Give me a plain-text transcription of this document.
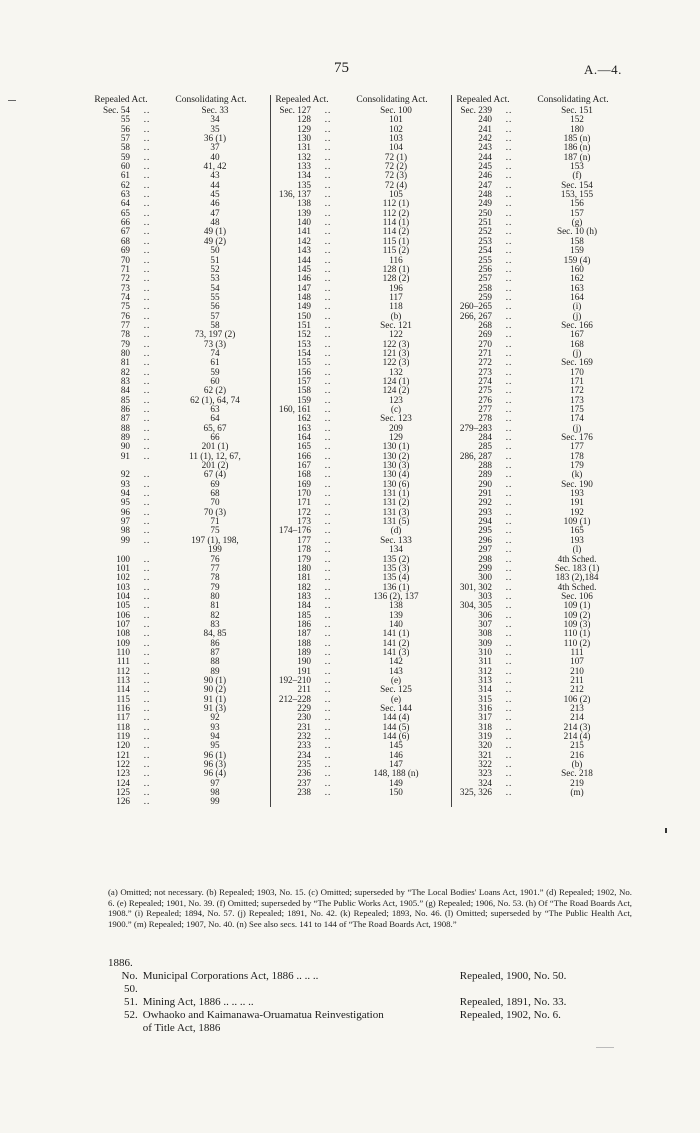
75	A.—4.
Repealed Act.	Consolidating Act.	Repealed Act.	Consolidating Act.	Repealed Act.	Consolidating Act.
Sec. 54	..	Sec. 33
55	..	34
56	..	35
57	..	36 (1)
58	..	37
59	..	40
60	..	41, 42
61	..	43
62	..	44
63	..	45
64	..	46
65	..	47
66	..	48
67	..	49 (1)
68	..	49 (2)
69	..	50
70	..	51
71	..	52
72	..	53
73	..	54
74	..	55
75	..	56
76	..	57
77	..	58
78	..	73, 197 (2)
79	..	73 (3)
80	..	74
81	..	61
82	..	59
83	..	60
84	..	62 (2)
85	..	62 (1), 64, 74
86	..	63
87	..	64
88	..	65, 67
89	..	66
90	..	201 (1)
91	..	11 (1), 12, 67,
201 (2)
92	..	67 (4)
93	..	69
94	..	68
95	..	70
96	..	70 (3)
97	..	71
98	..	75
99	..	197 (1), 198,
199
100	..	76
101	..	77
102	..	78
103	..	79
104	..	80
105	..	81
106	..	82
107	..	83
108	..	84, 85
109	..	86
110	..	87
111	..	88
112	..	89
113	..	90 (1)
114	..	90 (2)
115	..	91 (1)
116	..	91 (3)
117	..	92
118	..	93
119	..	94
120	..	95
121	..	96 (1)
122	..	96 (3)
123	..	96 (4)
124	..	97
125	..	98
126	..	99
Sec. 127	..	Sec. 100
128	..	101
129	..	102
130	..	103
131	..	104
132	..	72 (1)
133	..	72 (2)
134	..	72 (3)
135	..	72 (4)
136, 137	..	105
138	..	112 (1)
139	..	112 (2)
140	..	114 (1)
141	..	114 (2)
142	..	115 (1)
143	..	115 (2)
144	..	116
145	..	128 (1)
146	..	128 (2)
147	..	196
148	..	117
149	..	118
150	..	(b)
151	..	Sec. 121
152	..	122
153	..	122 (3)
154	..	121 (3)
155	..	122 (3)
156	..	132
157	..	124 (1)
158	..	124 (2)
159	..	123
160, 161	..	(c)
162	..	Sec. 123
163	..	209
164	..	129
165	..	130 (1)
166	..	130 (2)
167	..	130 (3)
168	..	130 (4)
169	..	130 (6)
170	..	131 (1)
171	..	131 (2)
172	..	131 (3)
173	..	131 (5)
174–176	..	(d)
177	..	Sec. 133
178	..	134
179	..	135 (2)
180	..	135 (3)
181	..	135 (4)
182	..	136 (1)
183	..	136 (2), 137
184	..	138
185	..	139
186	..	140
187	..	141 (1)
188	..	141 (2)
189	..	141 (3)
190	..	142
191	..	143
192–210	..	(e)
211	..	Sec. 125
212–228	..	(e)
229	..	Sec. 144
230	..	144 (4)
231	..	144 (5)
232	..	144 (6)
233	..	145
234	..	146
235	..	147
236	..	148, 188 (n)
237	..	149
238	..	150
Sec. 239	..	Sec. 151
240	..	152
241	..	180
242	..	185 (n)
243	..	186 (n)
244	..	187 (n)
245	..	153
246	..	(f)
247	..	Sec. 154
248	..	153, 155
249	..	156
250	..	157
251	..	(g)
252	..	Sec. 10 (h)
253	..	158
254	..	159
255	..	159 (4)
256	..	160
257	..	162
258	..	163
259	..	164
260–265	..	(i)
266, 267	..	(j)
268	..	Sec. 166
269	..	167
270	..	168
271	..	(j)
272	..	Sec. 169
273	..	170
274	..	171
275	..	172
276	..	173
277	..	175
278	..	174
279–283	..	(j)
284	..	Sec. 176
285	..	177
286, 287	..	178
288	..	179
289	..	(k)
290	..	Sec. 190
291	..	193
292	..	191
293	..	192
294	..	109 (1)
295	..	165
296	..	193
297	..	(l)
298	..	4th Sched.
299	..	Sec. 183 (1)
300	..	183 (2),184
301, 302	..	4th Sched.
303	..	Sec. 106
304, 305	..	109 (1)
306	..	109 (2)
307	..	109 (3)
308	..	110 (1)
309	..	110 (2)
310	..	111
311	..	107
312	..	210
313	..	211
314	..	212
315	..	106 (2)
316	..	213
317	..	214
318	..	214 (3)
319	..	214 (4)
320	..	215
321	..	216
322	..	(b)
323	..	Sec. 218
324	..	219
325, 326	..	(m)
(a) Omitted; not necessary. (b) Repealed; 1903, No. 15. (c) Omitted; superseded by “The Local Bodies' Loans Act, 1901.” (d) Repealed; 1902, No. 6. (e) Repealed; 1901, No. 39. (f) Omitted; superseded by “The Public Works Act, 1905.” (g) Repealed; 1906, No. 53. (h) Of “The Road Boards Act, 1908.” (i) Repealed; 1894, No. 57. (j) Repealed; 1891, No. 42. (k) Repealed; 1893, No. 46. (l) Omitted; superseded by “The Public Health Act, 1900.” (m) Repealed; 1907, No. 40. (n) See also secs. 141 to 144 of “The Road Boards Act, 1908.”
1886.
No. 50.
Municipal Corporations Act, 1886 .. .. ..	Repealed, 1900, No. 50.
51. Mining Act, 1886 .. .. .. ..	Repealed, 1891, No. 33.
52. Owhaoko and Kaimanawa-Oruamatua Reinvestigation	Repealed, 1902, No. 6.
of Title Act, 1886
